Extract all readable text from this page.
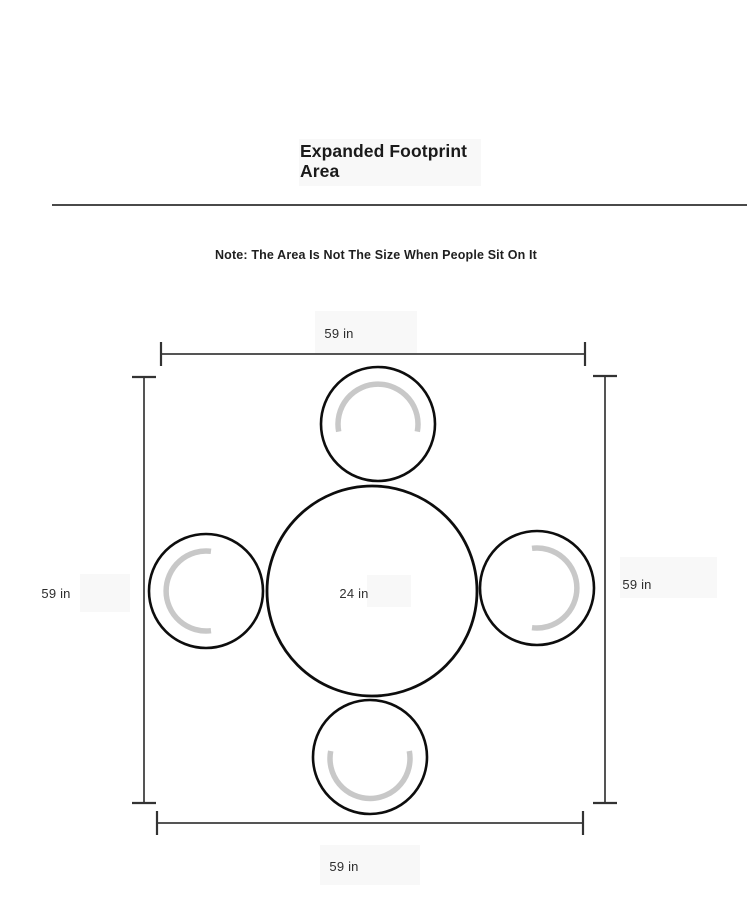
Expanded Footprint Area
Note: The Area Is Not The Size When People Sit On It
59 in
59 in
59 in
59 in
24 in
